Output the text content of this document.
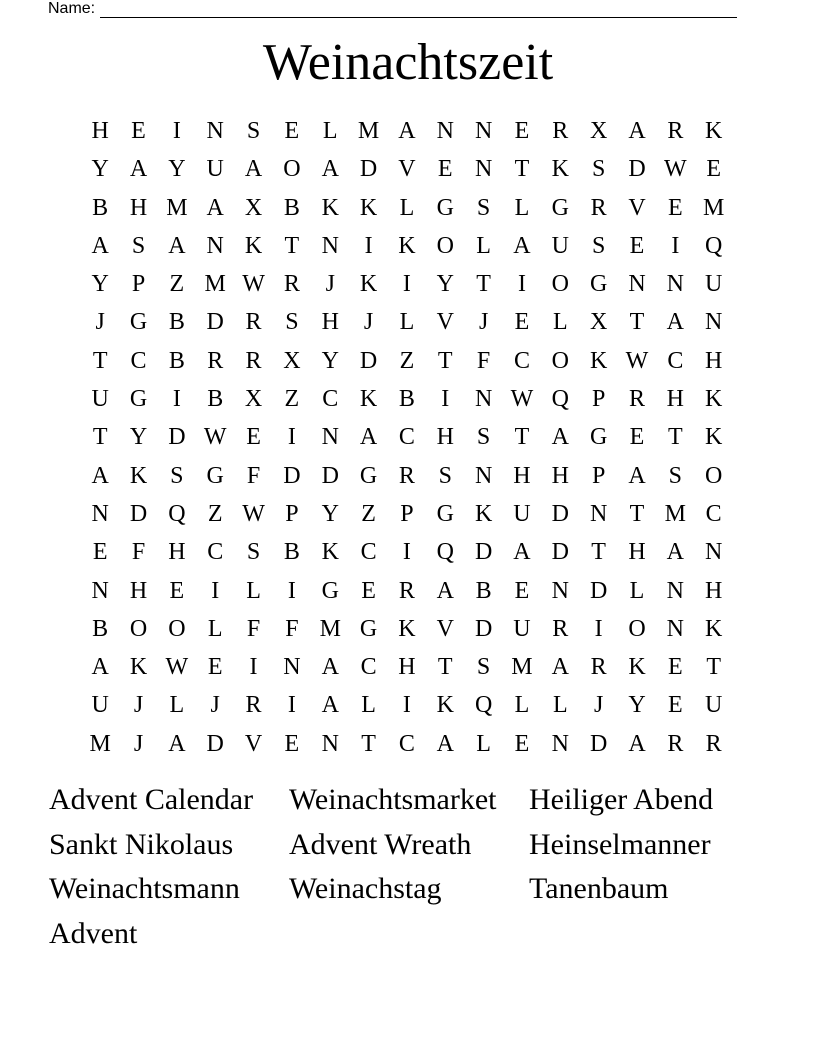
Name:
Weinachtszeit
H E	I	N S	E L M A N N E R X A R K
Y A Y U A O A D V E N T K S D W E
B H M A X B K K L G S	L G R V E M
A S A N K T N	I	K O L A U S	E	I	Q
Y P	Z M W R	J	K	I	Y T	I	O G N N U
J	G B D R S H	J	L V	J	E L X T A N
T C B R R X Y D Z T	F C O K W C H
U G	I	B X Z C K B	I	N W Q P R H K
T Y D W E	I	N A C H S	T A G E T K
A K S G F D D G R S N H H P A S O
N D Q Z W P Y Z	P G K U D N T M C
E	F H C S B K C	I	Q D A D T H A N
N H E	I	L	I	G E R A B E N D L N H
B O O L	F	F M G K V D U R	I	O N K
A K W E	I	N A C H T	S M A R K E T
U	J	L	J	R	I	A L	I	K Q L L	J	Y E U
M J	A D V E N T C A L E N D A R R
Advent Calendar	Weinachtsmarket	Heiliger Abend
Sankt Nikolaus	Advent Wreath	Heinselmanner
Weinachtsmann	Weinachstag	Tanenbaum
Advent
